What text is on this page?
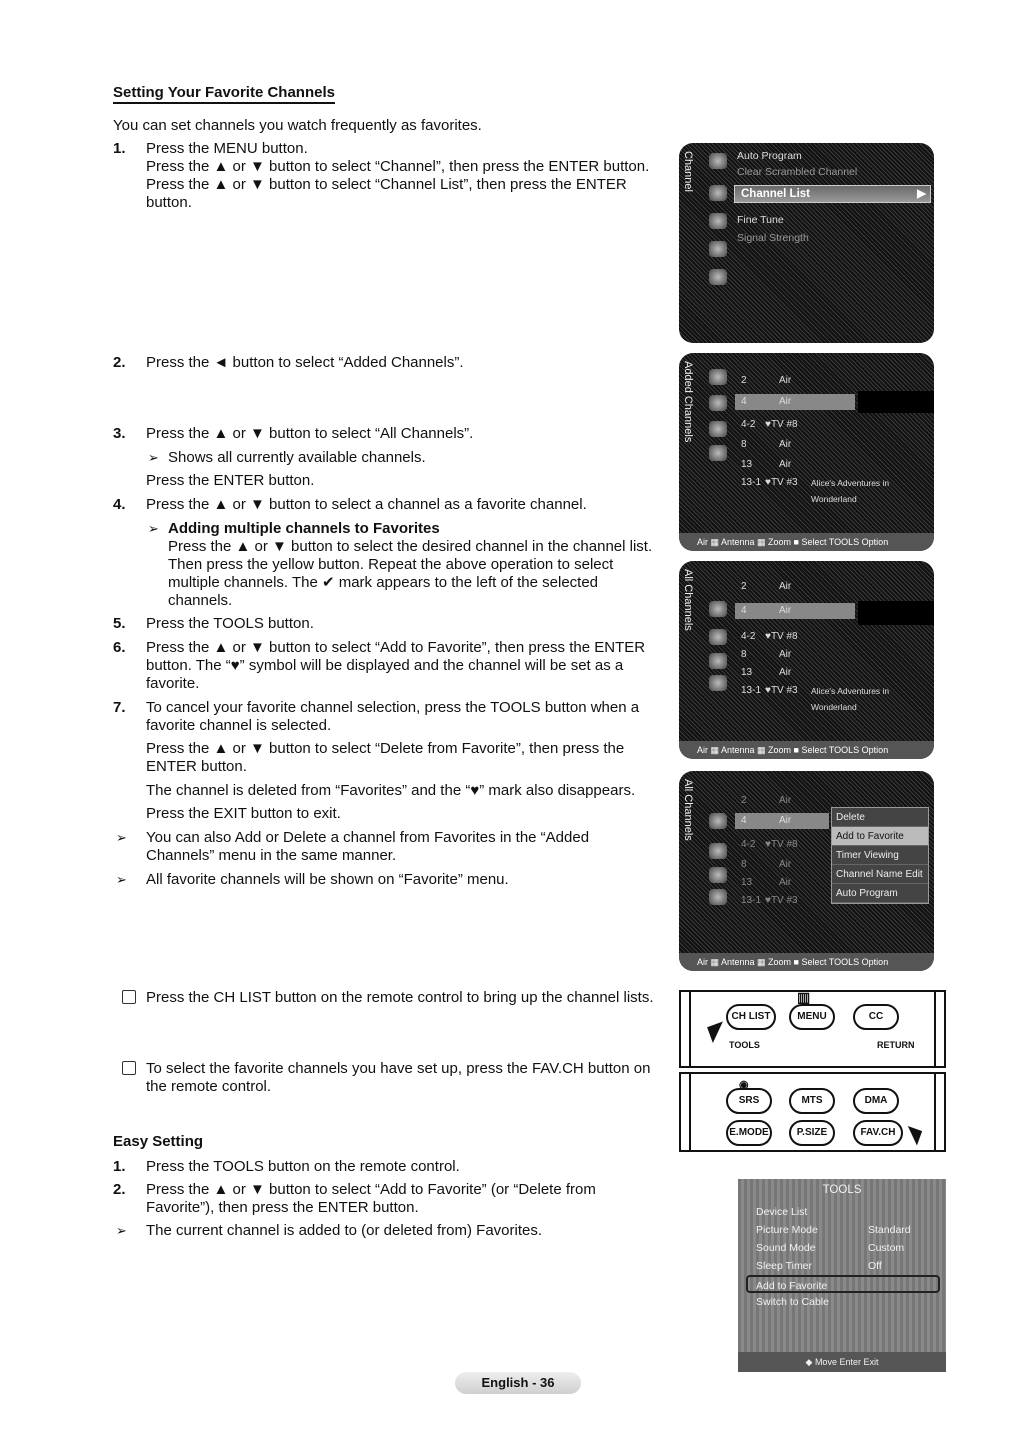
Setting Your Favorite Channels
You can set channels you watch frequently as favorites.
1.	Press the MENU button.
Press the ▲ or ▼ button to select “Channel”, then press the ENTER button.
Press the ▲ or ▼ button to select “Channel List”, then press the ENTER button.
2.	Press the ◄ button to select “Added Channels”.
3.	Press the ▲ or ▼ button to select “All Channels”.
➢ Shows all currently available channels.
Press the ENTER button.
4.	Press the ▲ or ▼ button to select a channel as a favorite channel.
➢ Adding multiple channels to Favorites
Press the ▲ or ▼ button to select the desired channel in the channel list. Then press the yellow button. Repeat the above operation to select multiple channels. The ✔ mark appears to the left of the selected channels.
5.	Press the TOOLS button.
6.	Press the ▲ or ▼ button to select “Add to Favorite”, then press the ENTER button. The “♥” symbol will be displayed and the channel will be set as a favorite.
7.	To cancel your favorite channel selection, press the TOOLS button when a favorite channel is selected.
Press the ▲ or ▼ button to select “Delete from Favorite”, then press the ENTER button.
The channel is deleted from “Favorites” and the “♥” mark also disappears.
Press the EXIT button to exit.
➢ You can also Add or Delete a channel from Favorites in the “Added Channels” menu in the same manner.
➢ All favorite channels will be shown on “Favorite” menu.
Press the CH LIST button on the remote control to bring up the channel lists.
To select the favorite channels you have set up, press the FAV.CH button on the remote control.
Easy Setting
1.	Press the TOOLS button on the remote control.
2.	Press the ▲ or ▼ button to select “Add to Favorite” (or “Delete from Favorite”), then press the ENTER button.
➢ The current channel is added to (or deleted from) Favorites.
Channel	Auto Program
Clear Scrambled Channel
Channel List	▶
Fine Tune
Signal Strength
Added Channels	2	Air
4	Air
4-2 ♥TV #8
8	Air
13	Air
13-1 ♥TV #3 Alice's Adventures in Wonderland
Air ▦ Antenna ▦ Zoom ■ Select TOOLS Option
All Channels	2	Air
4	Air
4-2 ♥TV #8
8	Air
13	Air
13-1 ♥TV #3 Alice's Adventures in Wonderland
Air ▦ Antenna ▦ Zoom ■ Select TOOLS Option
All Channels	2	Air
4	Air
4-2 ♥TV #8
8	Air
13	Air
13-1 ♥TV #3
Delete
Add to Favorite
Timer Viewing
Channel Name Edit
Auto Program
Air ▦ Antenna ▦ Zoom ■ Select TOOLS Option
▥
CH LIST	MENU	CC
TOOLS	RETURN
◤
◉
SRS	MTS	DMA
E.MODE	P.SIZE	FAV.CH ◥
TOOLS
Device List
Picture Mode	Standard
Sound Mode	Custom
Sleep Timer	Off
Add to Favorite
Switch to Cable
◆ Move Enter Exit
English - 36
